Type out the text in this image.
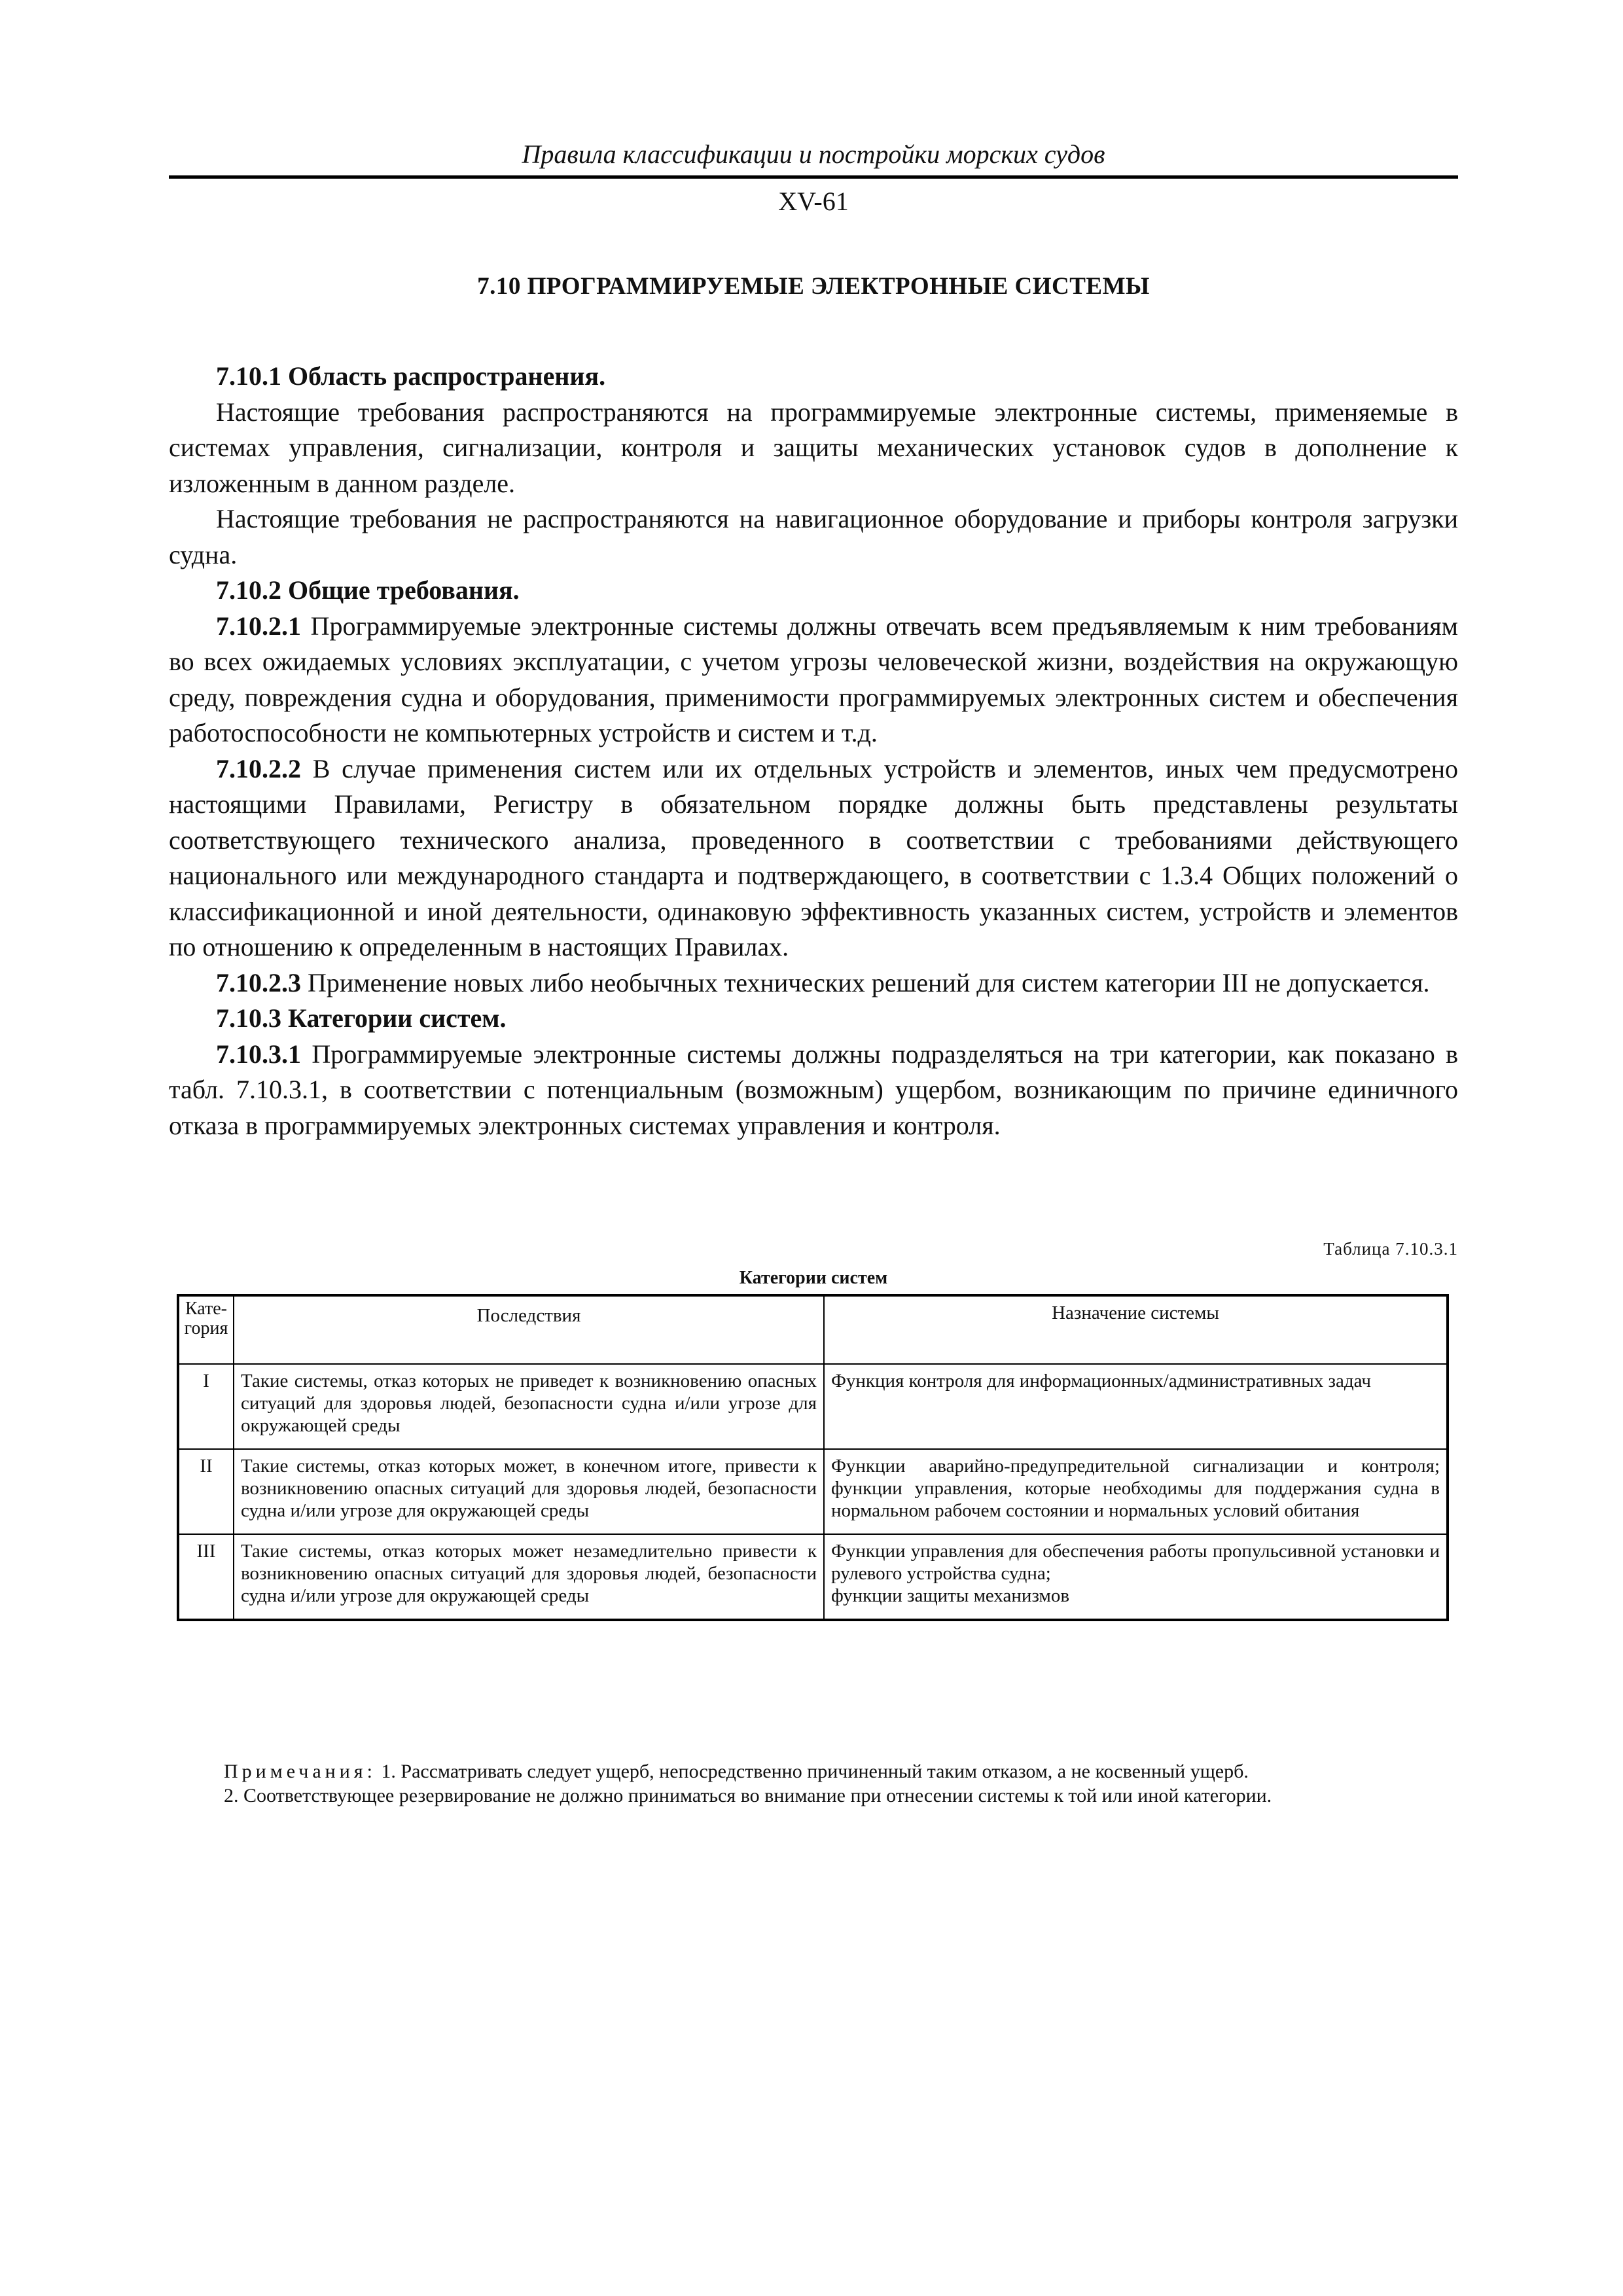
Правила классификации и постройки морских судов
XV-61
7.10 ПРОГРАММИРУЕМЫЕ ЭЛЕКТРОННЫЕ СИСТЕМЫ

7.10.1 Область распространения.

Настоящие требования распространяются на программируемые электронные системы, применяемые в системах управления, сигнализации, контроля и защиты механических установок судов в дополнение к изложенным в данном разделе.

Настоящие требования не распространяются на навигационное оборудование и приборы контроля загрузки судна.

7.10.2 Общие требования.

7.10.2.1 Программируемые электронные системы должны отвечать всем предъявляемым к ним требованиям во всех ожидаемых условиях эксплуатации, с учетом угрозы человеческой жизни, воздействия на окружающую среду, повреждения судна и оборудования, применимости программируемых электронных систем и обеспечения работоспособности не компьютерных устройств и систем и т.д.

7.10.2.2 В случае применения систем или их отдельных устройств и элементов, иных чем предусмотрено настоящими Правилами, Регистру в обязательном порядке должны быть представлены результаты соответствующего технического анализа, проведенного в соответствии с требованиями действующего национального или международного стандарта и подтверждающего, в соответствии с 1.3.4 Общих положений о классификационной и иной деятельности, одинаковую эффективность указанных систем, устройств и элементов по отношению к определенным в настоящих Правилах.

7.10.2.3 Применение новых либо необычных технических решений для систем категории III не допускается.

7.10.3 Категории систем.

7.10.3.1 Программируемые электронные системы должны подразделяться на три категории, как показано в табл. 7.10.3.1, в соответствии с потенциальным (возможным) ущербом, возникающим по причине единичного отказа в программируемых электронных системах управления и контроля.

Таблица 7.10.3.1
Категории систем
Кате-
гория	Последствия	Назначение системы
I	Такие системы, отказ которых не приведет к возникновению опасных ситуаций для здоровья людей, безопасности судна и/или угрозе для окружающей среды	Функция контроля для информационных/административных задач
II	Такие системы, отказ которых может, в конечном итоге, привести к возникновению опасных ситуаций для здоровья людей, безопасности судна и/или угрозе для окружающей среды	Функции аварийно-предупредительной сигнализации и контроля; функции управления, которые необходимы для поддержания судна в нормальном рабочем состоянии и нормальных условий обитания
III	Такие системы, отказ которых может незамедлительно привести к возникновению опасных ситуаций для здоровья людей, безопасности судна и/или угрозе для окружающей среды	Функции управления для обеспечения работы пропульсивной установки и рулевого устройства судна;
функции защиты механизмов

Примечания: 1. Рассматривать следует ущерб, непосредственно причиненный таким отказом, а не косвенный ущерб.

2. Соответствующее резервирование не должно приниматься во внимание при отнесении системы к той или иной категории.
